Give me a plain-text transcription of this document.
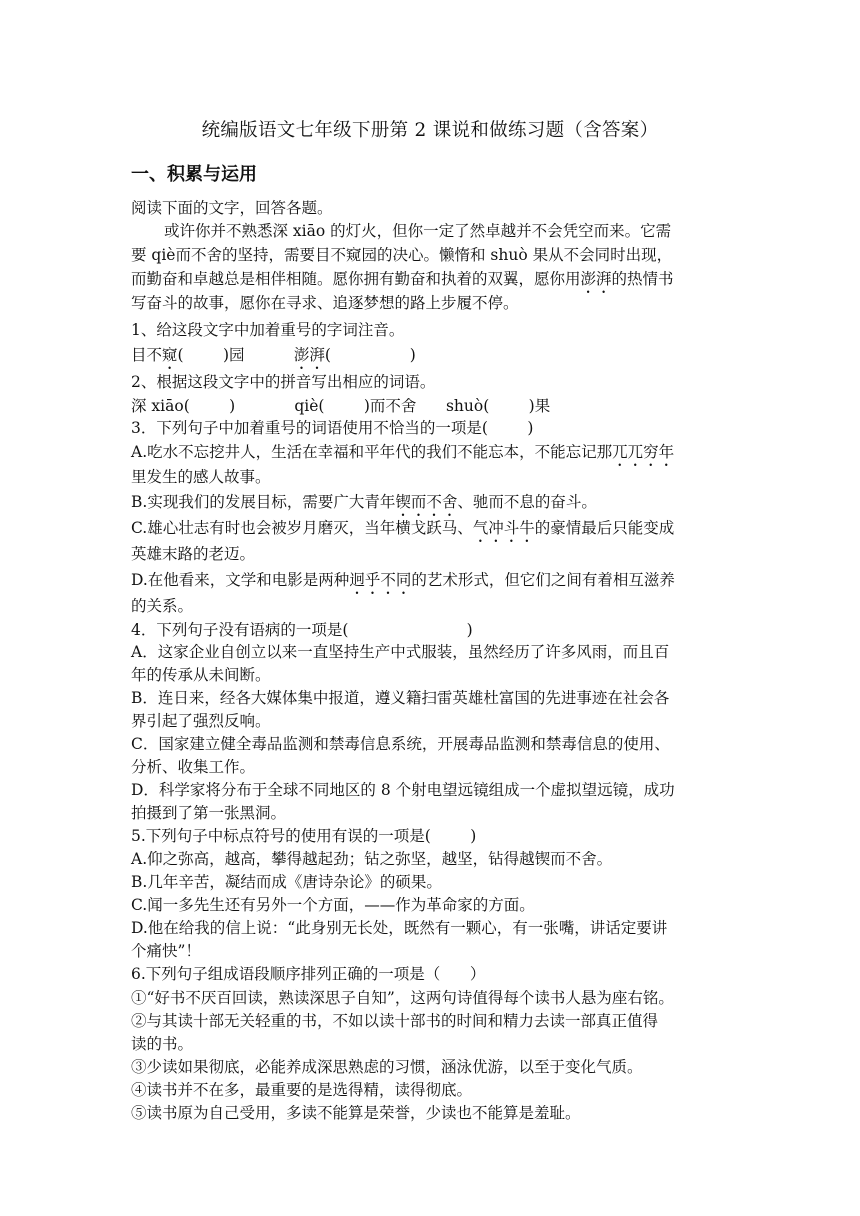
统编版语文七年级下册第 2 课说和做练习题（含答案）
一、积累与运用
阅读下面的文字，回答各题。
或许你并不熟悉深 xiāo 的灯火，但你一定了然卓越并不会凭空而来。它需
要 qiè而不舍的坚持，需要目不窥园的决心。懒惰和 shuò 果从不会同时出现，
而勤奋和卓越总是相伴相随。愿你拥有勤奋和执着的双翼，愿你用澎湃的热情书
写奋斗的故事，愿你在寻求、追逐梦想的路上步履不停。
1、给这段文字中加着重号的字词注音。
目不窥(        )园          澎湃(                )
2、根据这段文字中的拼音写出相应的词语。
深 xiāo(        )            qiè(        )而不舍      shuò(        )果
3．下列句子中加着重号的词语使用不恰当的一项是(        )
A.吃水不忘挖井人，生活在幸福和平年代的我们不能忘本，不能忘记那兀兀穷年
里发生的感人故事。
B.实现我们的发展目标，需要广大青年锲而不舍、驰而不息的奋斗。
C.雄心壮志有时也会被岁月磨灭，当年横戈跃马、气冲斗牛的豪情最后只能变成
英雄末路的老迈。
D.在他看来，文学和电影是两种迥乎不同的艺术形式，但它们之间有着相互滋养
的关系。
4．下列句子没有语病的一项是(                        )
A．这家企业自创立以来一直坚持生产中式服装，虽然经历了许多风雨，而且百
年的传承从未间断。
B．连日来，经各大媒体集中报道，遵义籍扫雷英雄杜富国的先进事迹在社会各
界引起了强烈反响。
C．国家建立健全毒品监测和禁毒信息系统，开展毒品监测和禁毒信息的使用、
分析、收集工作。
D．科学家将分布于全球不同地区的 8 个射电望远镜组成一个虚拟望远镜，成功
拍摄到了第一张黑洞。
5.下列句子中标点符号的使用有误的一项是(        )
A.仰之弥高，越高，攀得越起劲；钻之弥坚，越坚，钻得越锲而不舍。
B.几年辛苦，凝结而成《唐诗杂论》的硕果。
C.闻一多先生还有另外一个方面，——作为革命家的方面。
D.他在给我的信上说：“此身别无长处，既然有一颗心，有一张嘴，讲话定要讲
个痛快”！
6.下列句子组成语段顺序排列正确的一项是（      ）
①“好书不厌百回读，熟读深思子自知”，这两句诗值得每个读书人悬为座右铭。
②与其读十部无关轻重的书，不如以读十部书的时间和精力去读一部真正值得
读的书。
③少读如果彻底，必能养成深思熟虑的习惯，涵泳优游，以至于变化气质。
④读书并不在多，最重要的是选得精，读得彻底。
⑤读书原为自己受用，多读不能算是荣誉，少读也不能算是羞耻。
